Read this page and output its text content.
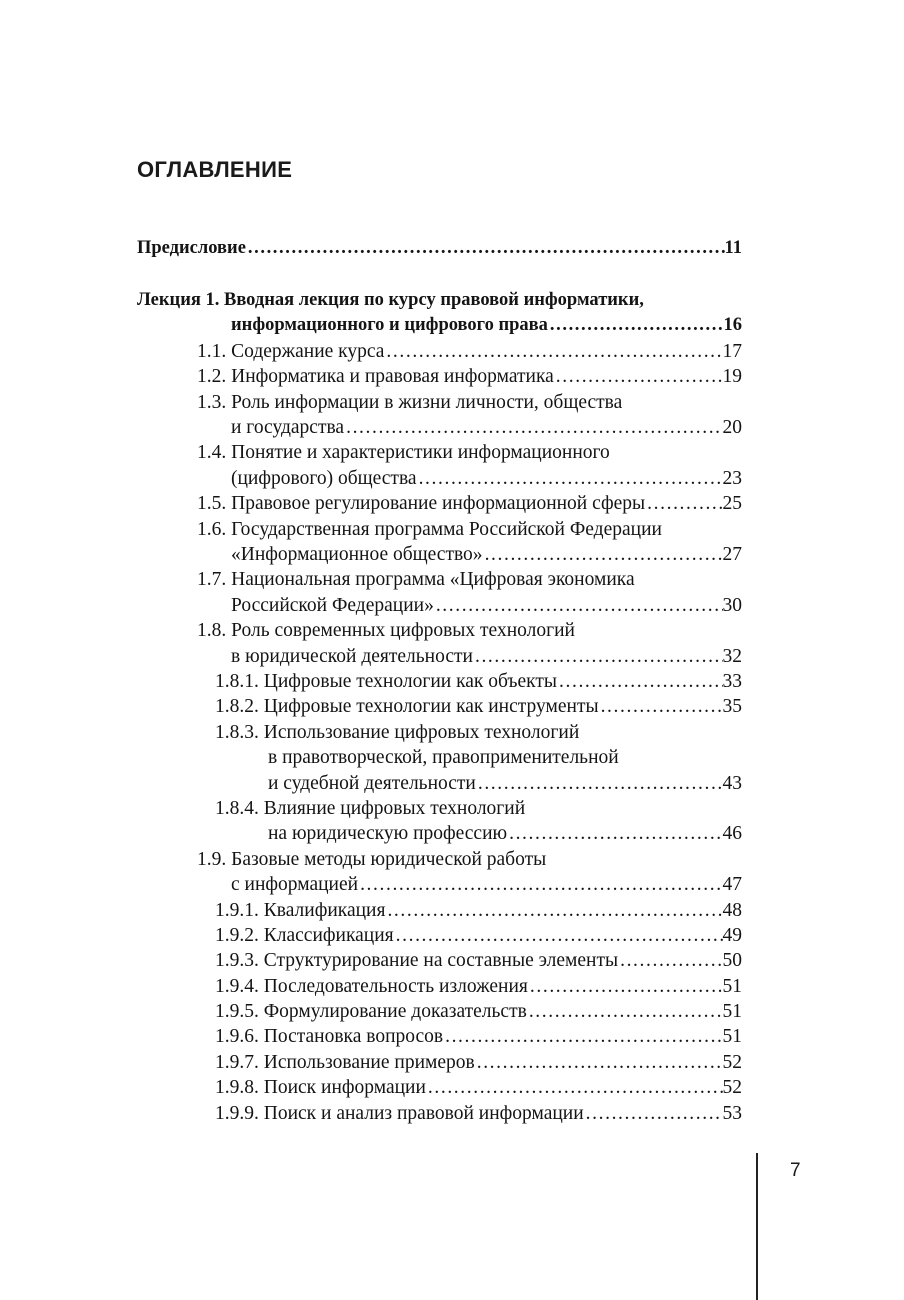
ОГЛАВЛЕНИЕ
Предисловие .....	11
Лекция 1. Вводная лекция по курсу правовой информатики,
информационного и цифрового права .....	16
1.1. Содержание курса .....	17
1.2. Информатика и правовая информатика .....	19
1.3. Роль информации в жизни личности, общества
и государства .....	20
1.4. Понятие и характеристики информационного
(цифрового) общества .....	23
1.5. Правовое регулирование информационной сферы .....	25
1.6. Государственная программа Российской Федерации
«Информационное общество» .....	27
1.7. Национальная программа «Цифровая экономика
Российской Федерации» .....	30
1.8. Роль современных цифровых технологий
в юридической деятельности .....	32
1.8.1. Цифровые технологии как объекты .....	33
1.8.2. Цифровые технологии как инструменты .....	35
1.8.3. Использование цифровых технологий
в правотворческой, правоприменительной
и судебной деятельности .....	43
1.8.4. Влияние цифровых технологий
на юридическую профессию .....	46
1.9. Базовые методы юридической работы
с информацией .....	47
1.9.1. Квалификация .....	48
1.9.2. Классификация .....	49
1.9.3. Структурирование на составные элементы .....	50
1.9.4. Последовательность изложения .....	51
1.9.5. Формулирование доказательств .....	51
1.9.6. Постановка вопросов .....	51
1.9.7. Использование примеров .....	52
1.9.8. Поиск информации .....	52
1.9.9. Поиск и анализ правовой информации .....	53
7
